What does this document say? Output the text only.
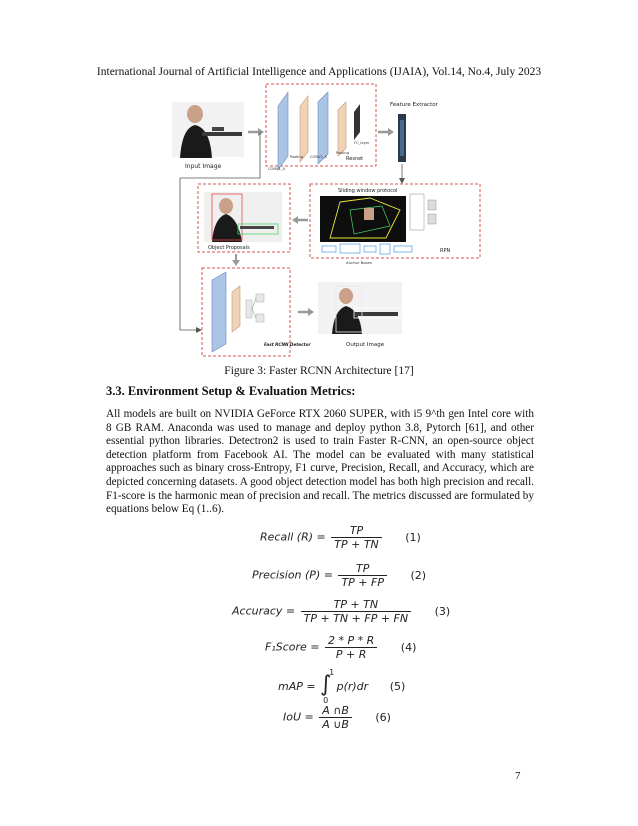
International Journal of Artificial Intelligence and Applications (IJAIA), Vol.14, No.4, July 2023
Input Image	CONV1_X
Pooling CONV2_X
Pooling
FC_layer
Resnet
Feature Extractor
Sliding window protocol
Anchor Boxes
RPN
Object Proposals
Fast RCNN Detector	Output Image
Figure 3: Faster RCNN Architecture [17]
3.3. Environment Setup & Evaluation Metrics:
All models are built on NVIDIA GeForce RTX 2060 SUPER, with i5 9^th gen Intel core with 8 GB RAM. Anaconda was used to manage and deploy python 3.8, Pytorch [61], and other essential python libraries. Detectron2 is used to train Faster R-CNN, an open-source object detection platform from Facebook AI. The model can be evaluated with many statistical approaches such as binary cross-Entropy, F1 curve, Precision, Recall, and Accuracy, which are depicted concerning datasets. A good object detection model has both high precision and recall. F1-score is the harmonic mean of precision and recall. The metrics discussed are formulated by equations below Eq (1..6).
Recall $(R) = \frac{TP}{TP + TN} (1)$
Precision $(P) = \frac{TP}{TP + FP} (2)$
Accuracy = $\frac{TP + TN}{TP + TN + FP + FN} (3)$
F₁Score = $\frac{2 * P * R}{P + R} (4)$
mAP = ∫
1
0
p(r)dr (5)
IoU = $\frac{A \cap B}{A \cup B} (6)$
7
